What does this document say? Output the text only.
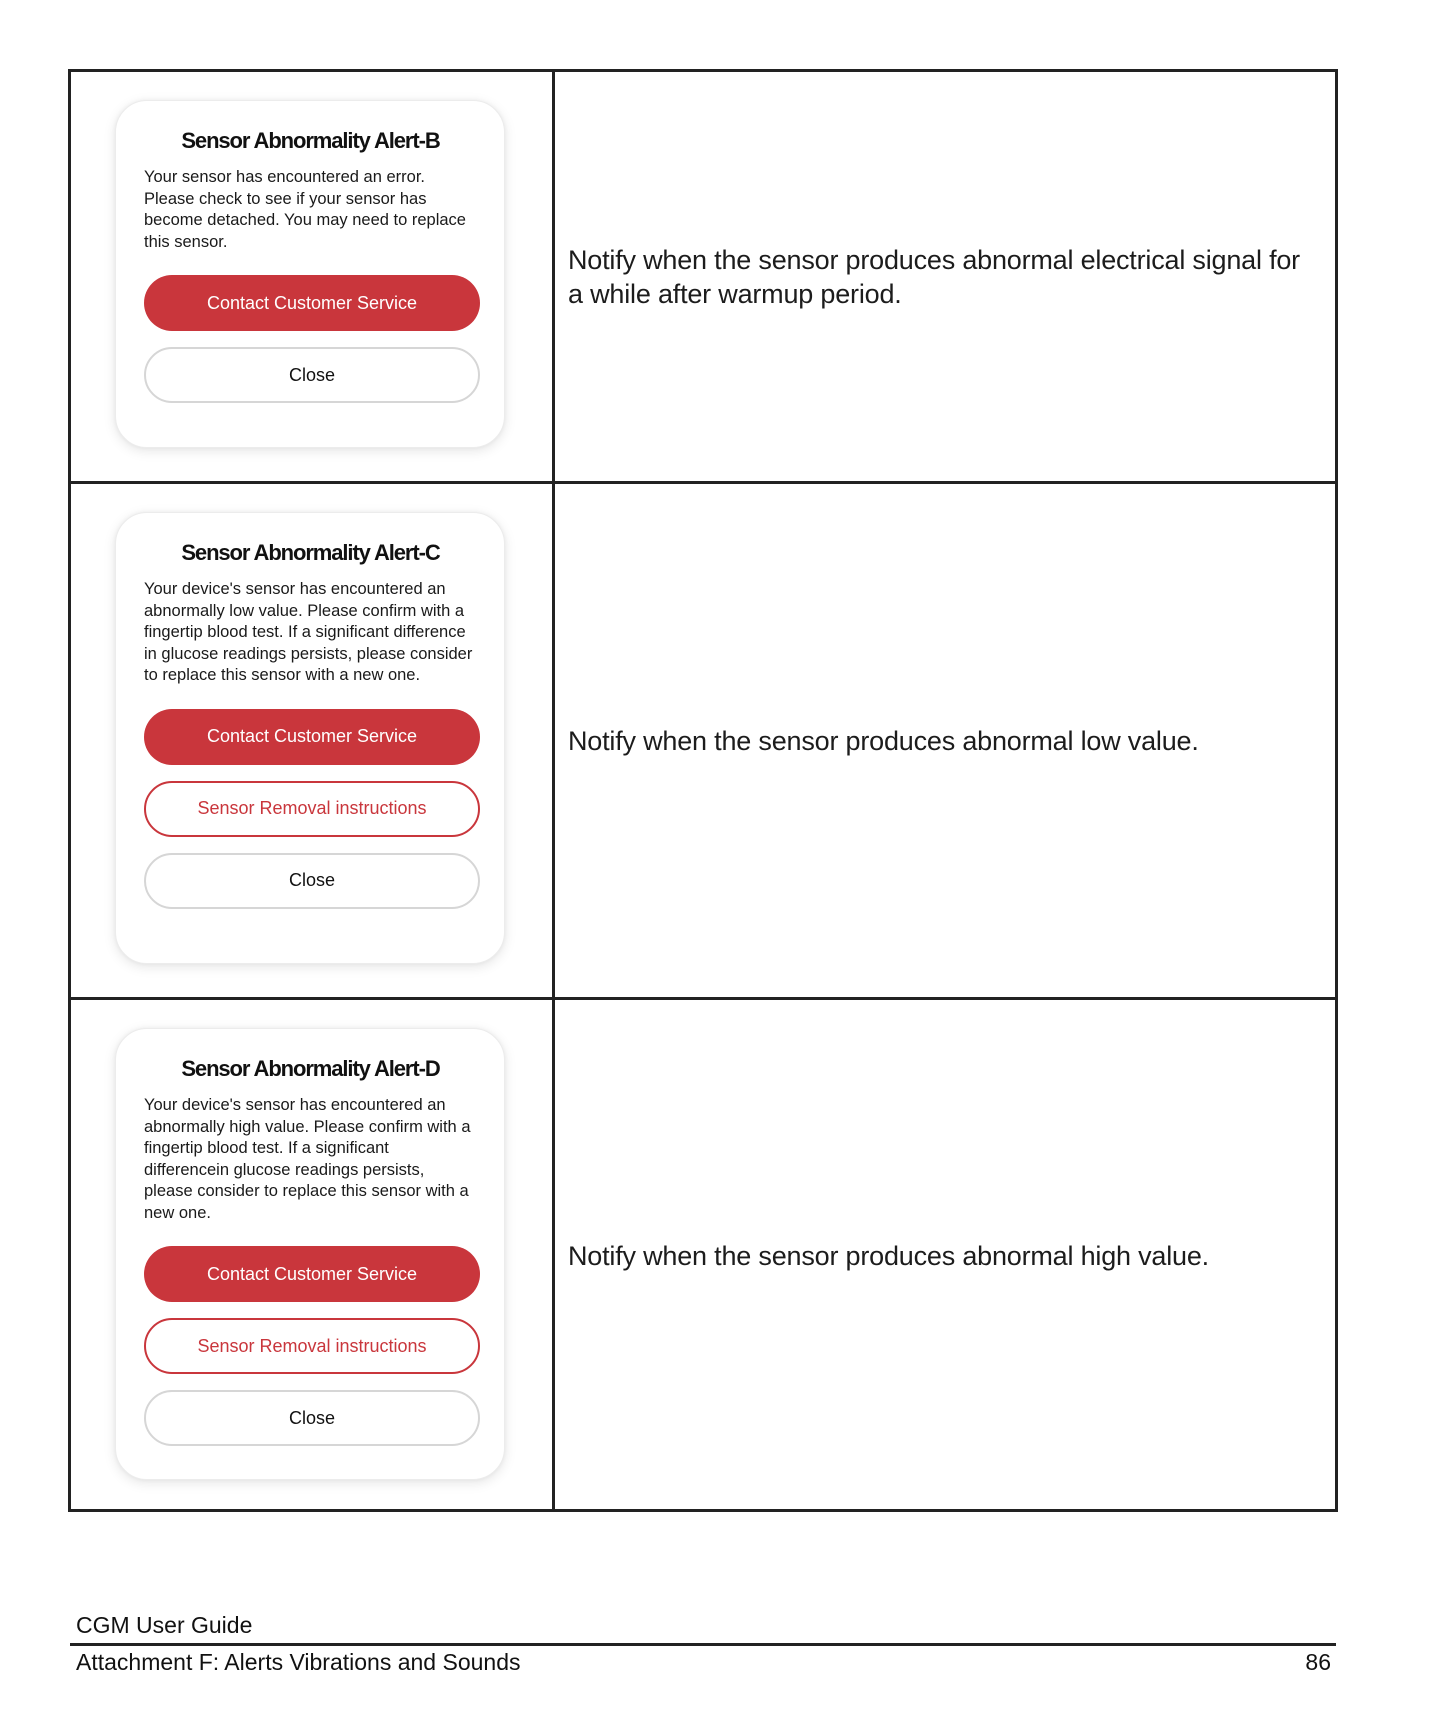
Sensor Abnormality Alert-B
Your sensor has encountered an error. Please check to see if your sensor has become detached. You may need to replace this sensor.
Contact Customer Service
Close

Notify when the sensor produces abnormal electrical signal for a while after warmup period.

Sensor Abnormality Alert-C
Your device's sensor has encountered an abnormally low value. Please confirm with a fingertip blood test. If a significant difference in glucose readings persists, please consider to replace this sensor with a new one.
Contact Customer Service
Sensor Removal instructions
Close

Notify when the sensor produces abnormal low value.

Sensor Abnormality Alert-D
Your device's sensor has encountered an abnormally high value. Please confirm with a fingertip blood test. If a significant differencein glucose readings persists, please consider to replace this sensor with a new one.
Contact Customer Service
Sensor Removal instructions
Close

Notify when the sensor produces abnormal high value.

CGM User Guide
Attachment F: Alerts Vibrations and Sounds	86
